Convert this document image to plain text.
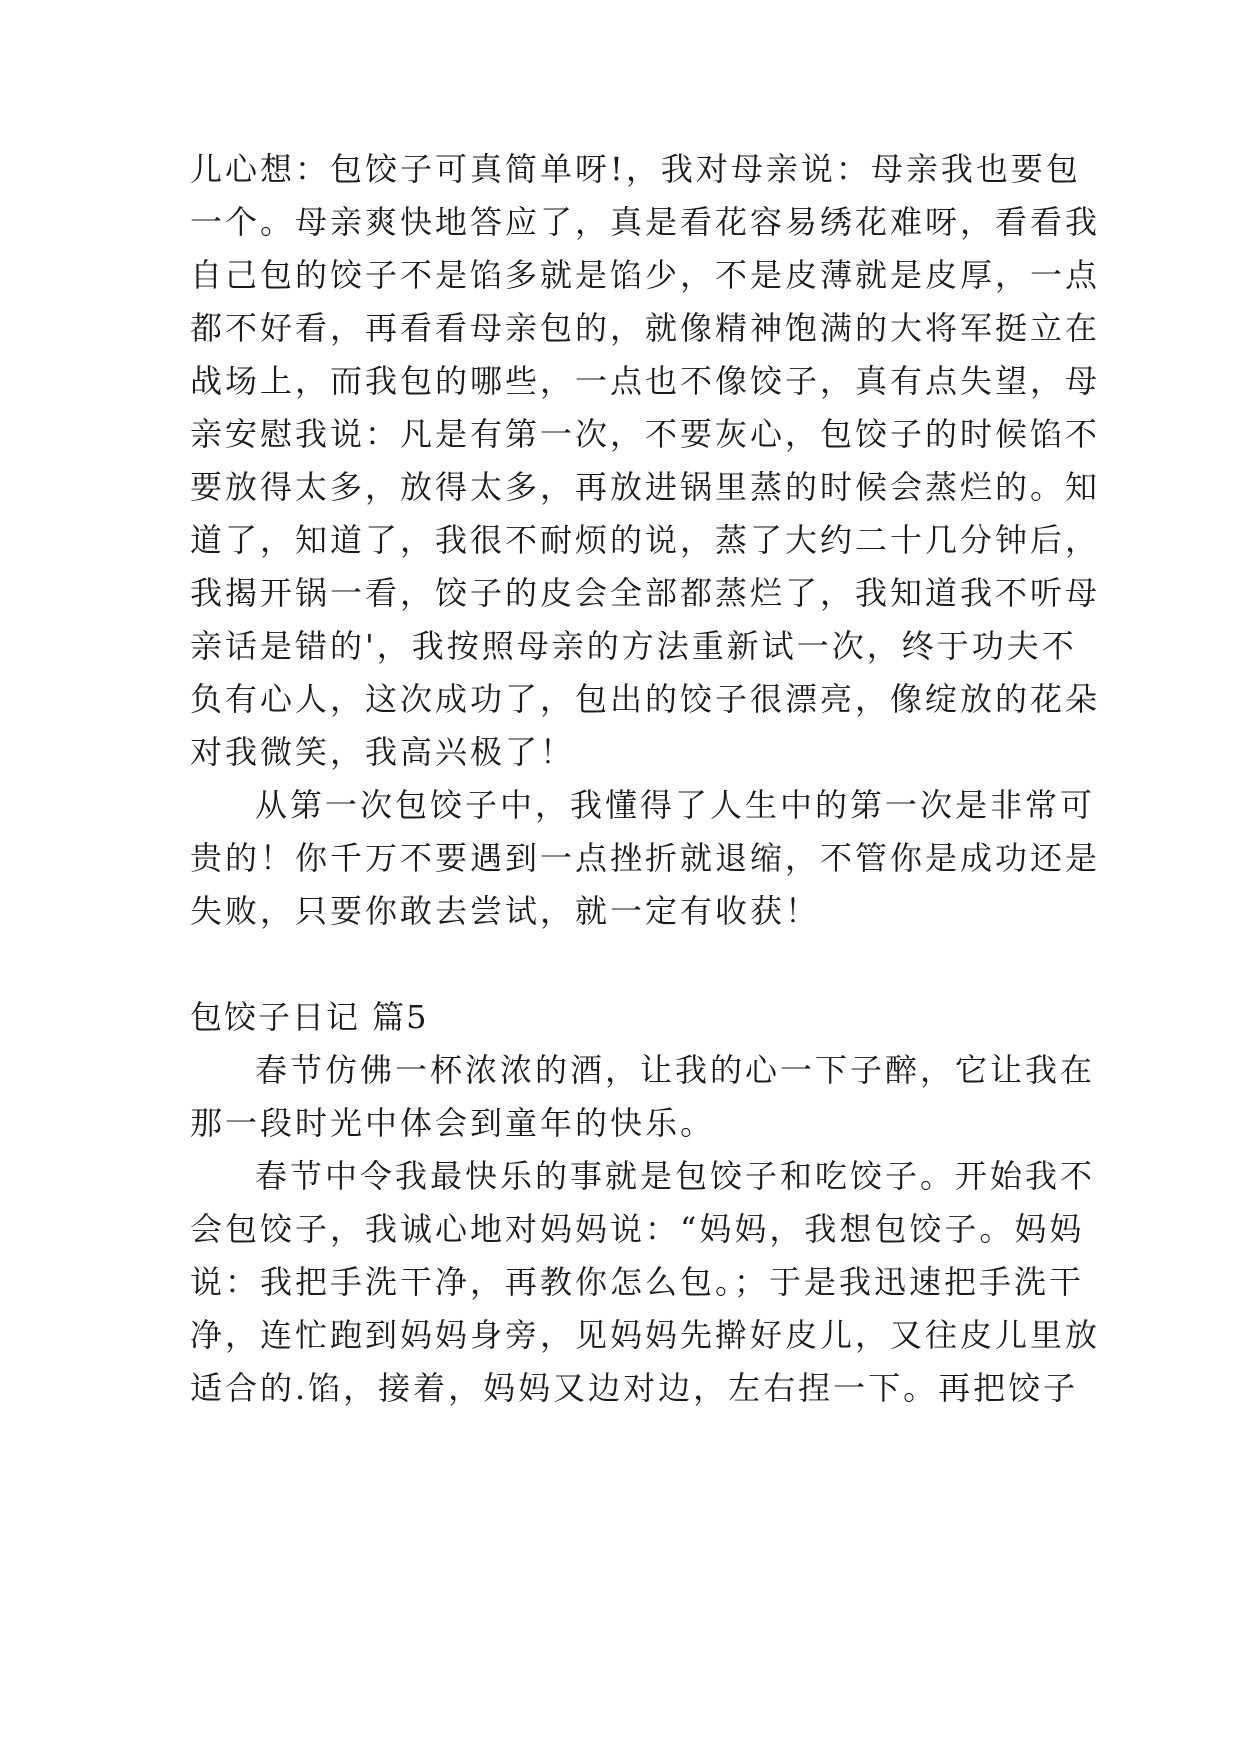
儿心想：包饺子可真简单呀!，我对母亲说：母亲我也要包
一个。母亲爽快地答应了，真是看花容易绣花难呀，看看我
自己包的饺子不是馅多就是馅少，不是皮薄就是皮厚，一点
都不好看，再看看母亲包的，就像精神饱满的大将军挺立在
战场上，而我包的哪些，一点也不像饺子，真有点失望，母
亲安慰我说：凡是有第一次，不要灰心，包饺子的时候馅不
要放得太多，放得太多，再放进锅里蒸的时候会蒸烂的。知
道了，知道了，我很不耐烦的说，蒸了大约二十几分钟后，
我揭开锅一看，饺子的皮会全部都蒸烂了，我知道我不听母
亲话是错的'，我按照母亲的方法重新试一次，终于功夫不
负有心人，这次成功了，包出的饺子很漂亮，像绽放的花朵
对我微笑，我高兴极了！
从第一次包饺子中，我懂得了人生中的第一次是非常可
贵的！你千万不要遇到一点挫折就退缩，不管你是成功还是
失败，只要你敢去尝试，就一定有收获！
包饺子日记 篇5
春节仿佛一杯浓浓的酒，让我的心一下子醉，它让我在
那一段时光中体会到童年的快乐。
春节中令我最快乐的事就是包饺子和吃饺子。开始我不
会包饺子，我诚心地对妈妈说：“妈妈，我想包饺子。妈妈
说：我把手洗干净，再教你怎么包。；于是我迅速把手洗干
净，连忙跑到妈妈身旁，见妈妈先擀好皮儿，又往皮儿里放
适合的.馅，接着，妈妈又边对边，左右捏一下。再把饺子
